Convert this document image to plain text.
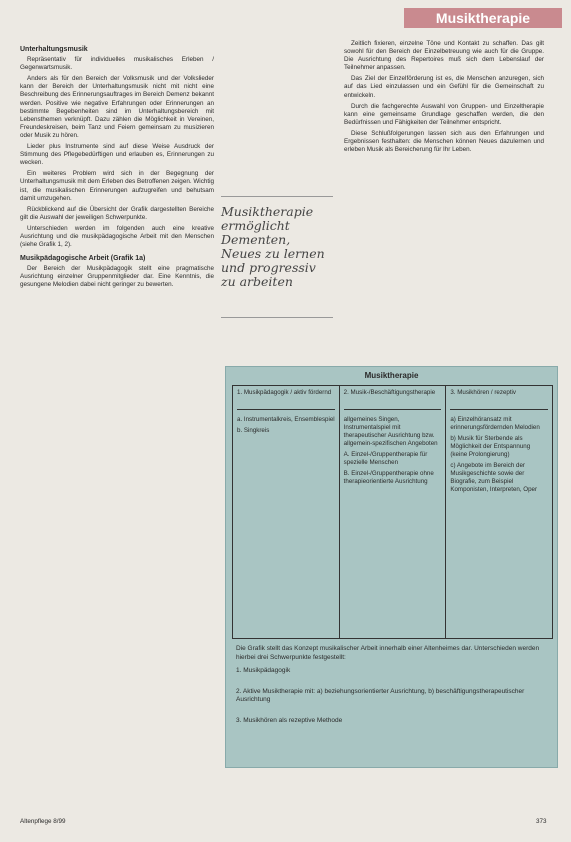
Musiktherapie
Unterhaltungsmusik

Repräsentativ für individuelles musikalisches Erleben / Gegenwartsmusik.

Anders als für den Bereich der Volksmusik und der Volkslieder kann der Bereich der Unterhaltungsmusik nicht mit nicht eine Beschreibung des Erinnerungsauftrages im Bereich Demenz bekannt werden. Positive wie negative Erfahrungen oder Erinnerungen an bestimmte Begebenheiten sind im Unterhaltungsbereich mit Lebensthemen verknüpft. Dazu zählen die Möglichkeit in Vereinen, Freundeskreisen, beim Tanz und Feiern gemeinsam zu musizieren oder Musik zu hören.

Lieder plus Instrumente sind auf diese Weise Ausdruck der Stimmung des Pflegebedürftigen und erlauben es, Erinnerungen zu wecken.

Ein weiteres Problem wird sich in der Begegnung der Unterhaltungsmusik mit dem Erleben des Betroffenen zeigen. Wichtig ist, die musikalischen Erinnerungen aufzugreifen und behutsam damit umzugehen.

Rückblickend auf die Übersicht der Grafik dargestellten Bereiche gilt die Auswahl der jeweiligen Schwerpunkte.

Unterschieden werden im folgenden auch eine kreative Ausrichtung und die musikpädagogische Arbeit mit den Menschen (siehe Grafik 1, 2).

Musikpädagogische Arbeit (Grafik 1a)

Der Bereich der Musikpädagogik stellt eine pragmatische Ausrichtung einzelner Gruppenmitglieder dar. Eine Kenntnis, die gesungene Melodien dabei nicht geringer zu bewerten.

Musiktherapie ermöglicht Dementen, Neues zu lernen und progressiv zu arbeiten

Zeitlich fixieren, einzelne Töne und Kontakt zu schaffen. Das gilt sowohl für den Bereich der Einzelbetreuung wie auch für die Gruppe. Die Ausrichtung des Repertoires muß sich dem Lebenslauf der Teilnehmer anpassen.

Das Ziel der Einzelförderung ist es, die Menschen anzuregen, sich auf das Lied einzulassen und ein Gefühl für die Gemeinschaft zu entwickeln.

Durch die fachgerechte Auswahl von Gruppen- und Einzeltherapie kann eine gemeinsame Grundlage geschaffen werden, die den Bedürfnissen und Fähigkeiten der Teilnehmer entspricht.

Diese Schlußfolgerungen lassen sich aus den Erfahrungen und Ergebnissen festhalten: die Menschen können Neues dazulernen und erleben Musik als Bereicherung für Ihr Leben.

Musiktherapie
1. Musikpädagogik / aktiv fördernd
a. Instrumentalkreis, Ensemblespiel
b. Singkreis
2. Musik-/Beschäftigungstherapie
allgemeines Singen, Instrumentalspiel mit therapeutischer Ausrichtung bzw. allgemein-spezifischen Angeboten
A. Einzel-/Gruppentherapie für spezielle Menschen
B. Einzel-/Gruppentherapie ohne therapieorientierte Ausrichtung
3. Musikhören / rezeptiv
a) Einzelhöransatz mit erinnerungsfördernden Melodien
b) Musik für Sterbende als Möglichkeit der Entspannung (keine Prolongierung)
c) Angebote im Bereich der Musikgeschichte sowie der Biografie, zum Beispiel Komponisten, Interpreten, Oper
Die Grafik stellt das Konzept musikalischer Arbeit innerhalb einer Altenheimes dar. Unterschieden werden hierbei drei Schwerpunkte festgestellt:
1. Musikpädagogik
2. Aktive Musiktherapie mit: a) beziehungsorientierter Ausrichtung, b) beschäftigungstherapeutischer Ausrichtung
3. Musikhören als rezeptive Methode
Altenpflege 8/99	373
